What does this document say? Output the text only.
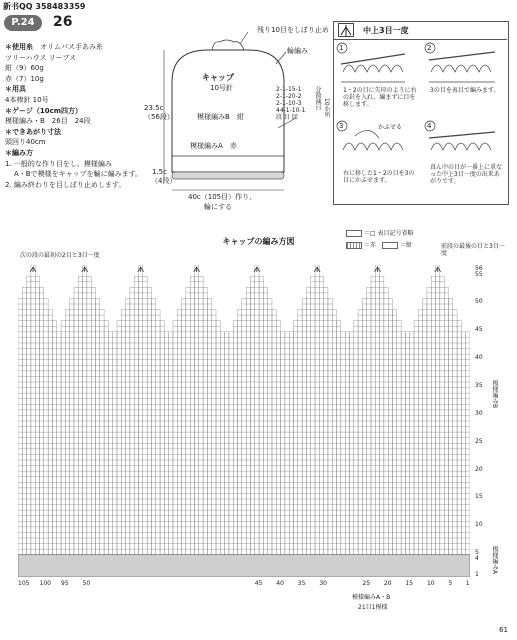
新书QQ 358483359
P.24	26
＊使用糸　 オリムパス手あみ糸
ツリーハウス リーブス
紺（9）60g
赤（7）10g
＊用具
4本棒針 10号
＊ゲージ（10cm四方）
模様編み・B　26目　24段
＊できあがり寸法
頭回り40cm
＊編み方
1. 一般的な作り目をし、模様編み
A・Bで模様をキャップを輪に編みます。
2. 編み終わりを目しぼり止めします。
残り10目をしぼり止め
輪編み
キャップ
10号針
模様編みB　紺
模様編みA　赤
23.5c
（56段）
1.5c
（4段）
2-1-15-1
2-1-20-2
2-1-10-3
44-1-10-1
段 目 回
分散減目 10か所
40c（105目）作り、
輪にする
中上3目一度
1	2
3	4
かぶせる
1・2の目に矢印のように右の針を入れ、編まずに目を移します。
3の目を表目で編みます。
右に移した1・2の目を3の目にかぶせます。
真ん中の目が一番上に重なった中上3目一度の出来あがりです。
キャップの編み方図
＝□ 表目記号省略
＝赤	＝紺
次の段の最初の2目と3目一度
前段の最後の目と3目一度
56
55
50
45
40
35
30
25
20
15
10
5
4
1
105 100 95 50	45 40 35 30	25 20 15 10 5 1
模様編みB
模様編みA
模様編みA・B
21目1模様
61
